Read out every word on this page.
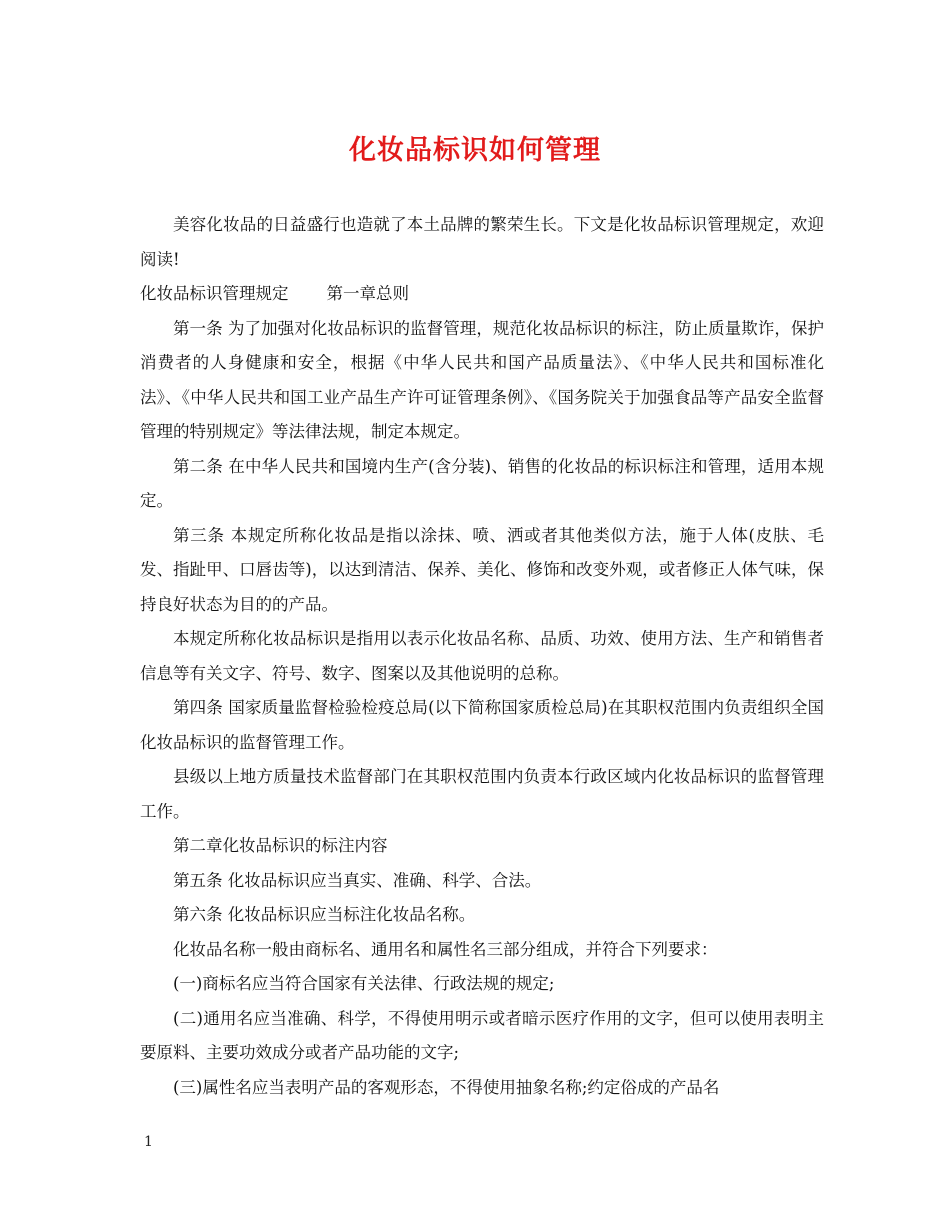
化妆品标识如何管理

美容化妆品的日益盛行也造就了本土品牌的繁荣生长。下文是化妆品标识管理规定，欢迎阅读!

化妆品标识管理规定 第一章总则

第一条 为了加强对化妆品标识的监督管理，规范化妆品标识的标注，防止质量欺诈，保护消费者的人身健康和安全，根据《中华人民共和国产品质量法》、《中华人民共和国标准化法》、《中华人民共和国工业产品生产许可证管理条例》、《国务院关于加强食品等产品安全监督管理的特别规定》等法律法规，制定本规定。

第二条 在中华人民共和国境内生产(含分装)、销售的化妆品的标识标注和管理，适用本规定。

第三条 本规定所称化妆品是指以涂抹、喷、洒或者其他类似方法，施于人体(皮肤、毛发、指趾甲、口唇齿等)，以达到清洁、保养、美化、修饰和改变外观，或者修正人体气味，保持良好状态为目的的产品。

本规定所称化妆品标识是指用以表示化妆品名称、品质、功效、使用方法、生产和销售者信息等有关文字、符号、数字、图案以及其他说明的总称。

第四条 国家质量监督检验检疫总局(以下简称国家质检总局)在其职权范围内负责组织全国化妆品标识的监督管理工作。

县级以上地方质量技术监督部门在其职权范围内负责本行政区域内化妆品标识的监督管理工作。

第二章化妆品标识的标注内容

第五条 化妆品标识应当真实、准确、科学、合法。

第六条 化妆品标识应当标注化妆品名称。

化妆品名称一般由商标名、通用名和属性名三部分组成，并符合下列要求：

(一)商标名应当符合国家有关法律、行政法规的规定;

(二)通用名应当准确、科学，不得使用明示或者暗示医疗作用的文字，但可以使用表明主要原料、主要功效成分或者产品功能的文字;

(三)属性名应当表明产品的客观形态，不得使用抽象名称;约定俗成的产品名

1
